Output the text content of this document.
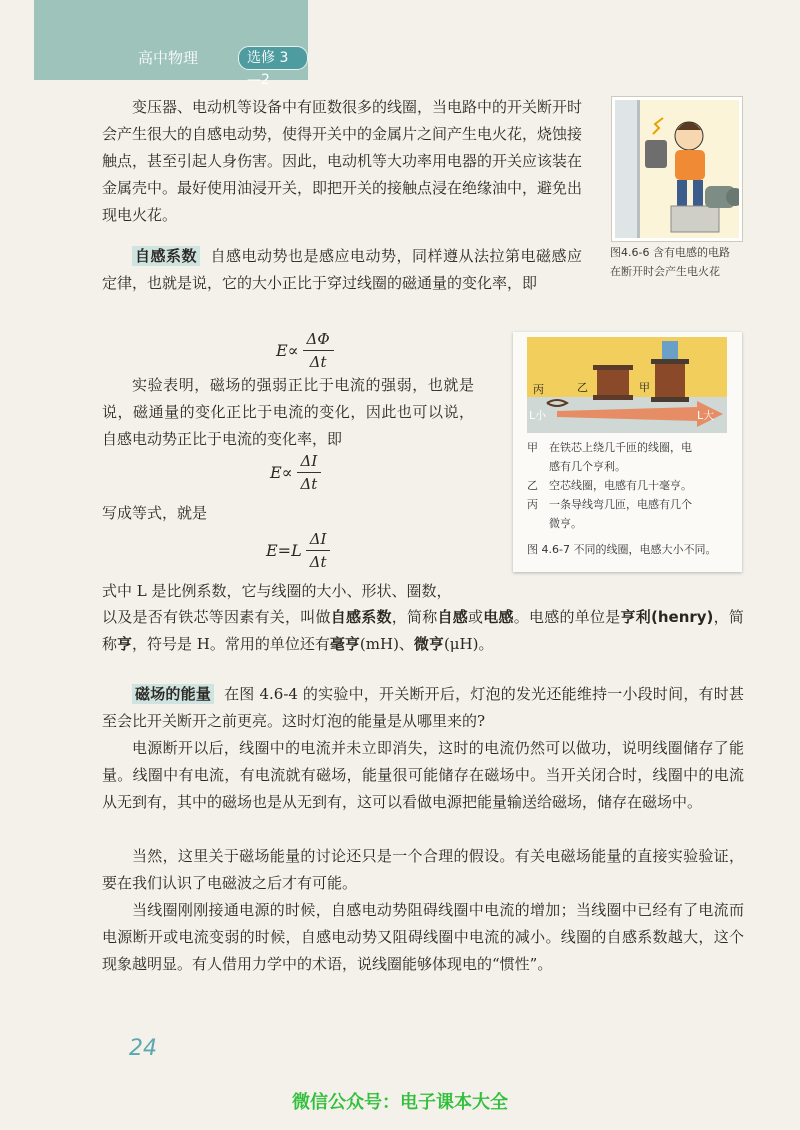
高中物理	选修 3—2

变压器、电动机等设备中有匝数很多的线圈，当电路中的开关断开时会产生很大的自感电动势，使得开关中的金属片之间产生电火花，烧蚀接触点，甚至引起人身伤害。因此，电动机等大功率用电器的开关应该装在金属壳中。最好使用油浸开关，即把开关的接触点浸在绝缘油中，避免出现电火花。

图4.6-6 含有电感的电路
在断开时会产生电火花

自感系数 自感电动势也是感应电动势，同样遵从法拉第电磁感应定律，也就是说，它的大小正比于穿过线圈的磁通量的变化率，即

$E\propto \frac{\Delta\Phi}{\Delta t}$

实验表明，磁场的强弱正比于电流的强弱，也就是说，磁通量的变化正比于电流的变化，因此也可以说，自感电动势正比于电流的变化率，即

$E\propto \frac{\Delta I}{\Delta t}$

写成等式，就是

$E=L \frac{\Delta I}{\Delta t}$

式中 L 是比例系数，它与线圈的大小、形状、圈数，

以及是否有铁芯等因素有关，叫做自感系数，简称自感或电感。电感的单位是亨利(henry)，简称亨，符号是 H。常用的单位还有毫亨(mH)、微亨(μH)。

丙	乙	甲
L小	L大
甲 在铁芯上绕几千匝的线圈，电
感有几个亨利。
乙 空芯线圈，电感有几十毫亨。
丙 一条导线弯几匝，电感有几个
微亨。
图 4.6-7 不同的线圈，电感大小不同。

磁场的能量 在图 4.6-4 的实验中，开关断开后，灯泡的发光还能维持一小段时间，有时甚至会比开关断开之前更亮。这时灯泡的能量是从哪里来的?

电源断开以后，线圈中的电流并未立即消失，这时的电流仍然可以做功，说明线圈储存了能量。线圈中有电流，有电流就有磁场，能量很可能储存在磁场中。当开关闭合时，线圈中的电流从无到有，其中的磁场也是从无到有，这可以看做电源把能量输送给磁场，储存在磁场中。

当然，这里关于磁场能量的讨论还只是一个合理的假设。有关电磁场能量的直接实验验证，要在我们认识了电磁波之后才有可能。

当线圈刚刚接通电源的时候，自感电动势阻碍线圈中电流的增加；当线圈中已经有了电流而电源断开或电流变弱的时候，自感电动势又阻碍线圈中电流的减小。线圈的自感系数越大，这个现象越明显。有人借用力学中的术语，说线圈能够体现电的“惯性”。

24
微信公众号：电子课本大全
